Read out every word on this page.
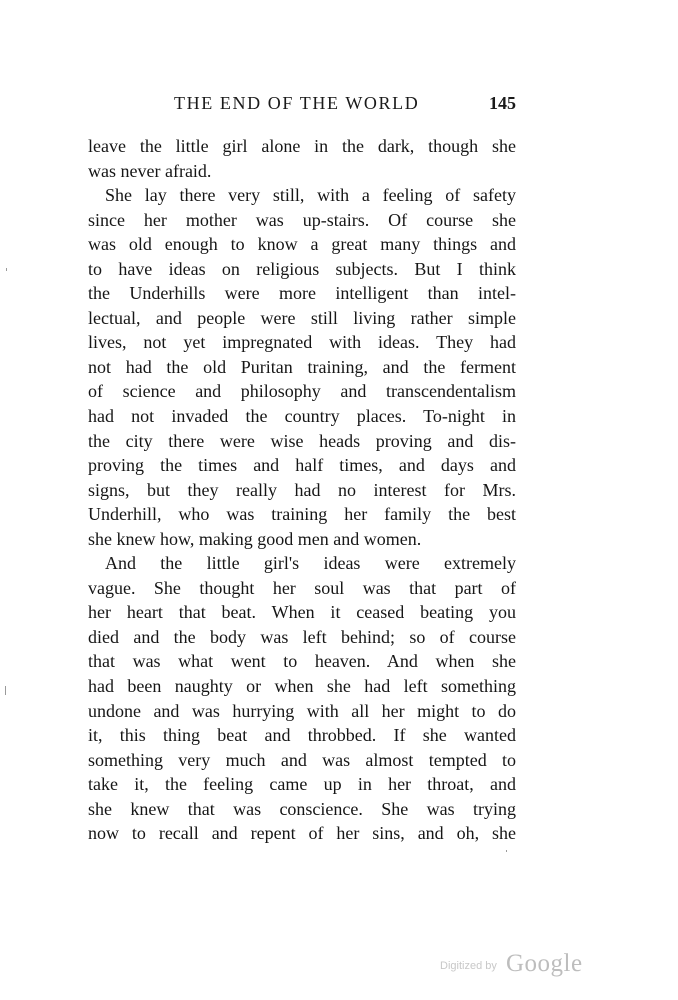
THE END OF THE WORLD	145
leave the little girl alone in the dark, though she
was never afraid.
She lay there very still, with a feeling of safety
since her mother was up-stairs. Of course she
was old enough to know a great many things and
to have ideas on religious subjects. But I think
the Underhills were more intelligent than intel-
lectual, and people were still living rather simple
lives, not yet impregnated with ideas. They had
not had the old Puritan training, and the ferment
of science and philosophy and transcendentalism
had not invaded the country places. To-night in
the city there were wise heads proving and dis-
proving the times and half times, and days and
signs, but they really had no interest for Mrs.
Underhill, who was training her family the best
she knew how, making good men and women.
And the little girl's ideas were extremely
vague. She thought her soul was that part of
her heart that beat. When it ceased beating you
died and the body was left behind; so of course
that was what went to heaven. And when she
had been naughty or when she had left something
undone and was hurrying with all her might to do
it, this thing beat and throbbed. If she wanted
something very much and was almost tempted to
take it, the feeling came up in her throat, and
she knew that was conscience. She was trying
now to recall and repent of her sins, and oh, she
Digitized by Google
